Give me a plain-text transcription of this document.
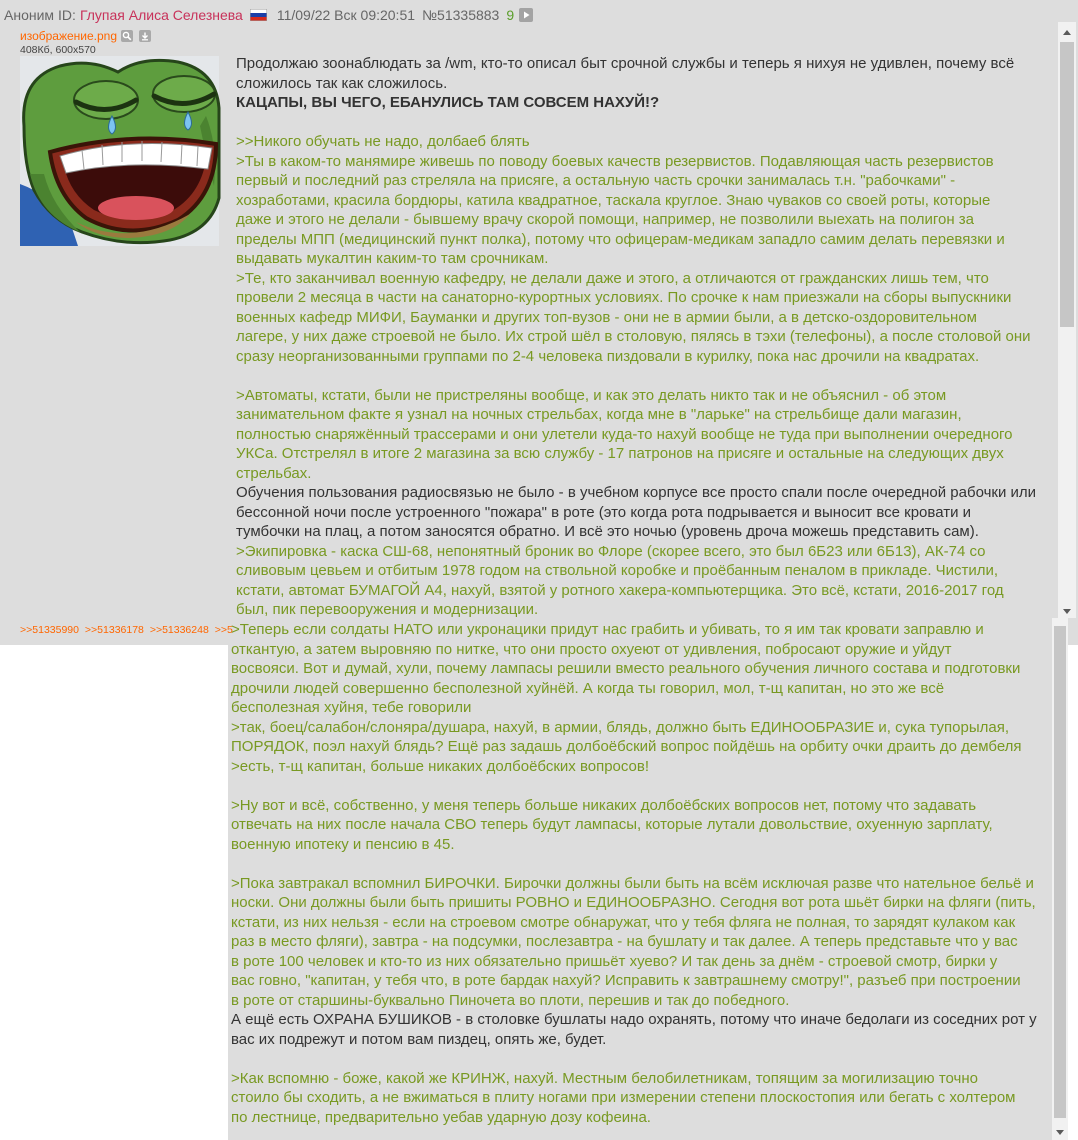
Аноним ID: Глупая Алиса Селезнева 11/09/22 Вск 09:20:51 №51335883 9
изображение.png
408Кб, 600x570
>>51335990 >>51336178 >>51336248 >>5
Продолжаю зоонаблюдать за /wm, кто-то описал быт срочной службы и теперь я нихуя не удивлен, почему всё
сложилось так как сложилось.
КАЦАПЫ, ВЫ ЧЕГО, ЕБАНУЛИСЬ ТАМ СОВСЕМ НАХУЙ!?
>>Никого обучать не надо, долбаеб блять
>Ты в каком-то манямире живешь по поводу боевых качеств резервистов. Подавляющая часть резервистов
первый и последний раз стреляла на присяге, а остальную часть срочки занималась т.н. "рабочками" -
хозработами, красила бордюры, катила квадратное, таскала круглое. Знаю чуваков со своей роты, которые
даже и этого не делали - бывшему врачу скорой помощи, например, не позволили выехать на полигон за
пределы МПП (медицинский пункт полка), потому что офицерам-медикам западло самим делать перевязки и
выдавать мукалтин каким-то там срочникам.
>Те, кто заканчивал военную кафедру, не делали даже и этого, а отличаются от гражданских лишь тем, что
провели 2 месяца в части на санаторно-курортных условиях. По срочке к нам приезжали на сборы выпускники
военных кафедр МИФИ, Бауманки и других топ-вузов - они не в армии были, а в детско-оздоровительном
лагере, у них даже строевой не было. Их строй шёл в столовую, пялясь в тэхи (телефоны), а после столовой они
сразу неорганизованными группами по 2-4 человека пиздовали в курилку, пока нас дрочили на квадратах.
>Автоматы, кстати, были не пристреляны вообще, и как это делать никто так и не объяснил - об этом
занимательном факте я узнал на ночных стрельбах, когда мне в "ларьке" на стрельбище дали магазин,
полностью снаряжённый трассерами и они улетели куда-то нахуй вообще не туда при выполнении очередного
УКСа. Отстрелял в итоге 2 магазина за всю службу - 17 патронов на присяге и остальные на следующих двух
стрельбах.
Обучения пользования радиосвязью не было - в учебном корпусе все просто спали после очередной рабочки или
бессонной ночи после устроенного "пожара" в роте (это когда рота подрывается и выносит все кровати и
тумбочки на плац, а потом заносятся обратно. И всё это ночью (уровень дроча можешь представить сам).
>Экипировка - каска СШ-68, непонятный броник во Флоре (скорее всего, это был 6Б23 или 6Б13), АК-74 со
сливовым цевьем и отбитым 1978 годом на ствольной коробке и проёбанным пеналом в прикладе. Чистили,
кстати, автомат БУМАГОЙ А4, нахуй, взятой у ротного хакера-компьютерщика. Это всё, кстати, 2016-2017 год
был, пик перевооружения и модернизации.
>Теперь если солдаты НАТО или укронацики придут нас грабить и убивать, то я им так кровати заправлю и
откантую, а затем выровняю по нитке, что они просто охуеют от удивления, побросают оружие и уйдут
восвояси. Вот и думай, хули, почему лампасы решили вместо реального обучения личного состава и подготовки
дрочили людей совершенно бесполезной хуйнёй. А когда ты говорил, мол, т-щ капитан, но это же всё
бесполезная хуйня, тебе говорили
>так, боец/салабон/слоняра/душара, нахуй, в армии, блядь, должно быть ЕДИНООБРАЗИЕ и, сука тупорылая,
ПОРЯДОК, поэл нахуй блядь? Ещё раз задашь долбоёбский вопрос пойдёшь на орбиту очки драить до дембеля
>есть, т-щ капитан, больше никаких долбоёбских вопросов!
>Ну вот и всё, собственно, у меня теперь больше никаких долбоёбских вопросов нет, потому что задавать
отвечать на них после начала СВО теперь будут лампасы, которые лутали довольствие, охуенную зарплату,
военную ипотеку и пенсию в 45.
>Пока завтракал вспомнил БИРОЧКИ. Бирочки должны были быть на всём исключая разве что нательное бельё и
носки. Они должны были быть пришиты РОВНО и ЕДИНООБРАЗНО. Сегодня вот рота шьёт бирки на фляги (пить,
кстати, из них нельзя - если на строевом смотре обнаружат, что у тебя фляга не полная, то зарядят кулаком как
раз в место фляги), завтра - на подсумки, послезавтра - на бушлату и так далее. А теперь представьте что у вас
в роте 100 человек и кто-то из них обязательно пришьёт хуево? И так день за днём - строевой смотр, бирки у
вас говно, "капитан, у тебя что, в роте бардак нахуй? Исправить к завтрашнему смотру!", разъеб при построении
в роте от старшины-буквально Пиночета во плоти, перешив и так до победного.
А ещё есть ОХРАНА БУШИКОВ - в столовке бушлаты надо охранять, потому что иначе бедолаги из соседних рот у
вас их подрежут и потом вам пиздец, опять же, будет.
>Как вспомню - боже, какой же КРИНЖ, нахуй. Местным белобилетникам, топящим за могилизацию точно
стоило бы сходить, а не вжиматься в плиту ногами при измерении степени плоскостопия или бегать с холтером
по лестнице, предварительно уебав ударную дозу кофеина.
